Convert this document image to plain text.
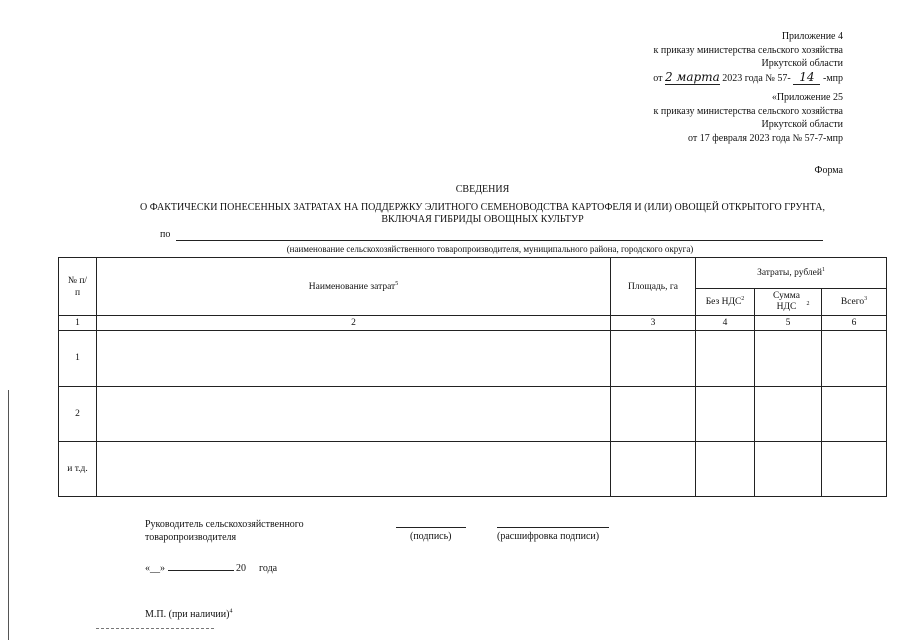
Приложение 4
к приказу министерства сельского хозяйства
Иркутской области
от 2 марта 2023 года № 57- 14 -мпр
«Приложение 25
к приказу министерства сельского хозяйства
Иркутской области
от 17 февраля 2023 года № 57-7-мпр
Форма
СВЕДЕНИЯ
О ФАКТИЧЕСКИ ПОНЕСЕННЫХ ЗАТРАТАХ НА ПОДДЕРЖКУ ЭЛИТНОГО СЕМЕНОВОДСТВА КАРТОФЕЛЯ И (ИЛИ) ОВОЩЕЙ ОТКРЫТОГО ГРУНТА,
ВКЛЮЧАЯ ГИБРИДЫ ОВОЩНЫХ КУЛЬТУР
по
(наименование сельскохозяйственного товаропроизводителя, муниципального района, городского округа)
№ п/п	Наименование затрат$^5$	Площадь, га	Затраты, рублей$^1$
			Без НДС$^2$	Сумма НДС $^2$	Всего$^3$
1	2	3	4	5	6
1					
2					
и т.д.					
Руководитель сельскохозяйственного
товаропроизводителя	(подпись)	(расшифровка подписи)
«__»	20 года
М.П. (при наличии)$^4$
